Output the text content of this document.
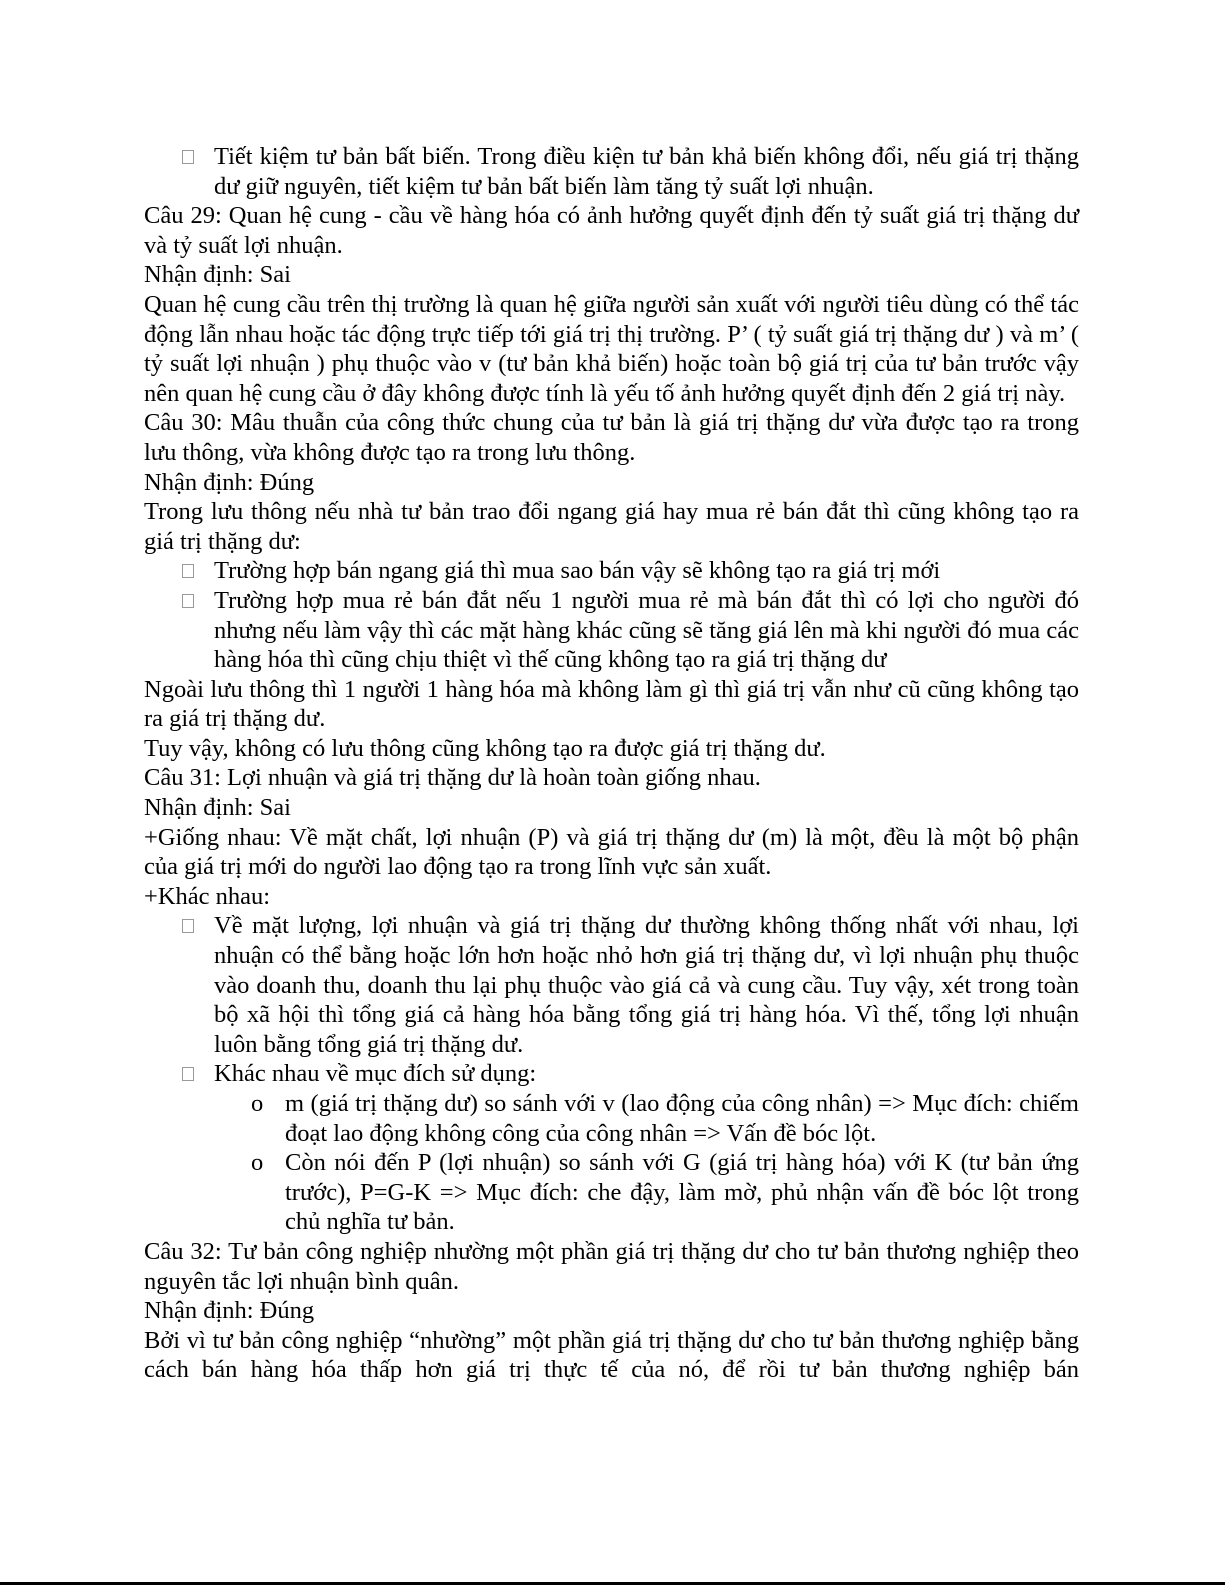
Tiết kiệm tư bản bất biến. Trong điều kiện tư bản khả biến không đổi, nếu giá trị thặng dư giữ nguyên, tiết kiệm tư bản bất biến làm tăng tỷ suất lợi nhuận.

Câu 29: Quan hệ cung - cầu về hàng hóa có ảnh hưởng quyết định đến tỷ suất giá trị thặng dư và tỷ suất lợi nhuận.

Nhận định: Sai

Quan hệ cung cầu trên thị trường là quan hệ giữa người sản xuất với người tiêu dùng có thể tác động lẫn nhau hoặc tác động trực tiếp tới giá trị thị trường. P’ ( tỷ suất giá trị thặng dư ) và m’ ( tỷ suất lợi nhuận ) phụ thuộc vào v (tư bản khả biến) hoặc toàn bộ giá trị của tư bản trước vậy nên quan hệ cung cầu ở đây không được tính là yếu tố ảnh hưởng quyết định đến 2 giá trị này.

Câu 30: Mâu thuẫn của công thức chung của tư bản là giá trị thặng dư vừa được tạo ra trong lưu thông, vừa không được tạo ra trong lưu thông.

Nhận định: Đúng

Trong lưu thông nếu nhà tư bản trao đổi ngang giá hay mua rẻ bán đắt thì cũng không tạo ra giá trị thặng dư:

Trường hợp bán ngang giá thì mua sao bán vậy sẽ không tạo ra giá trị mới
Trường hợp mua rẻ bán đắt nếu 1 người mua rẻ mà bán đắt thì có lợi cho người đó nhưng nếu làm vậy thì các mặt hàng khác cũng sẽ tăng giá lên mà khi người đó mua các hàng hóa thì cũng chịu thiệt vì thế cũng không tạo ra giá trị thặng dư

Ngoài lưu thông thì 1 người 1 hàng hóa mà không làm gì thì giá trị vẫn như cũ cũng không tạo ra giá trị thặng dư.

Tuy vậy, không có lưu thông cũng không tạo ra được giá trị thặng dư.

Câu 31: Lợi nhuận và giá trị thặng dư là hoàn toàn giống nhau.

Nhận định: Sai

+Giống nhau: Về mặt chất, lợi nhuận (P) và giá trị thặng dư (m) là một, đều là một bộ phận của giá trị mới do người lao động tạo ra trong lĩnh vực sản xuất.

+Khác nhau:

Về mặt lượng, lợi nhuận và giá trị thặng dư thường không thống nhất với nhau, lợi nhuận có thể bằng hoặc lớn hơn hoặc nhỏ hơn giá trị thặng dư, vì lợi nhuận phụ thuộc vào doanh thu, doanh thu lại phụ thuộc vào giá cả và cung cầu. Tuy vậy, xét trong toàn bộ xã hội thì tổng giá cả hàng hóa bằng tổng giá trị hàng hóa. Vì thế, tổng lợi nhuận luôn bằng tổng giá trị thặng dư.
Khác nhau về mục đích sử dụng:
o m (giá trị thặng dư) so sánh với v (lao động của công nhân) => Mục đích: chiếm đoạt lao động không công của công nhân => Vấn đề bóc lột.
o Còn nói đến P (lợi nhuận) so sánh với G (giá trị hàng hóa) với K (tư bản ứng trước), P=G-K => Mục đích: che đậy, làm mờ, phủ nhận vấn đề bóc lột trong chủ nghĩa tư bản.

Câu 32: Tư bản công nghiệp nhường một phần giá trị thặng dư cho tư bản thương nghiệp theo nguyên tắc lợi nhuận bình quân.

Nhận định: Đúng

Bởi vì tư bản công nghiệp “nhường” một phần giá trị thặng dư cho tư bản thương nghiệp bằng cách bán hàng hóa thấp hơn giá trị thực tế của nó, để rồi tư bản thương nghiệp bán
